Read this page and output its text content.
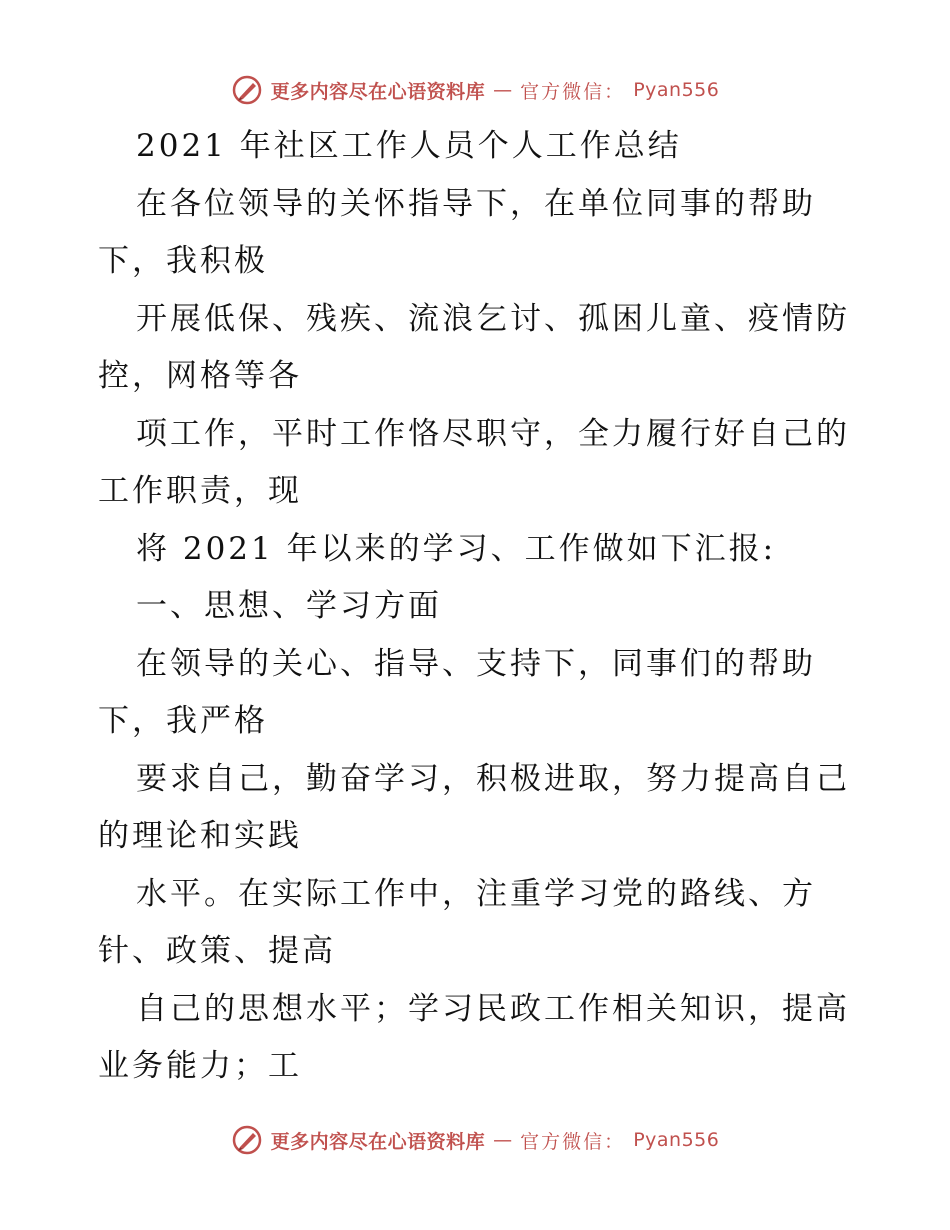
更多内容尽在心语资料库 — 官方微信： Pyan556
2021 年社区工作人员个人工作总结
在各位领导的关怀指导下，在单位同事的帮助
下，我积极
开展低保、残疾、流浪乞讨、孤困儿童、疫情防
控，网格等各
项工作，平时工作恪尽职守，全力履行好自己的
工作职责，现
将 2021 年以来的学习、工作做如下汇报:
一、思想、学习方面
在领导的关心、指导、支持下，同事们的帮助
下，我严格
要求自己，勤奋学习，积极进取，努力提高自己
的理论和实践
水平。在实际工作中，注重学习党的路线、方
针、政策、提高
自己的思想水平；学习民政工作相关知识，提高
业务能力；工
更多内容尽在心语资料库 — 官方微信： Pyan556
